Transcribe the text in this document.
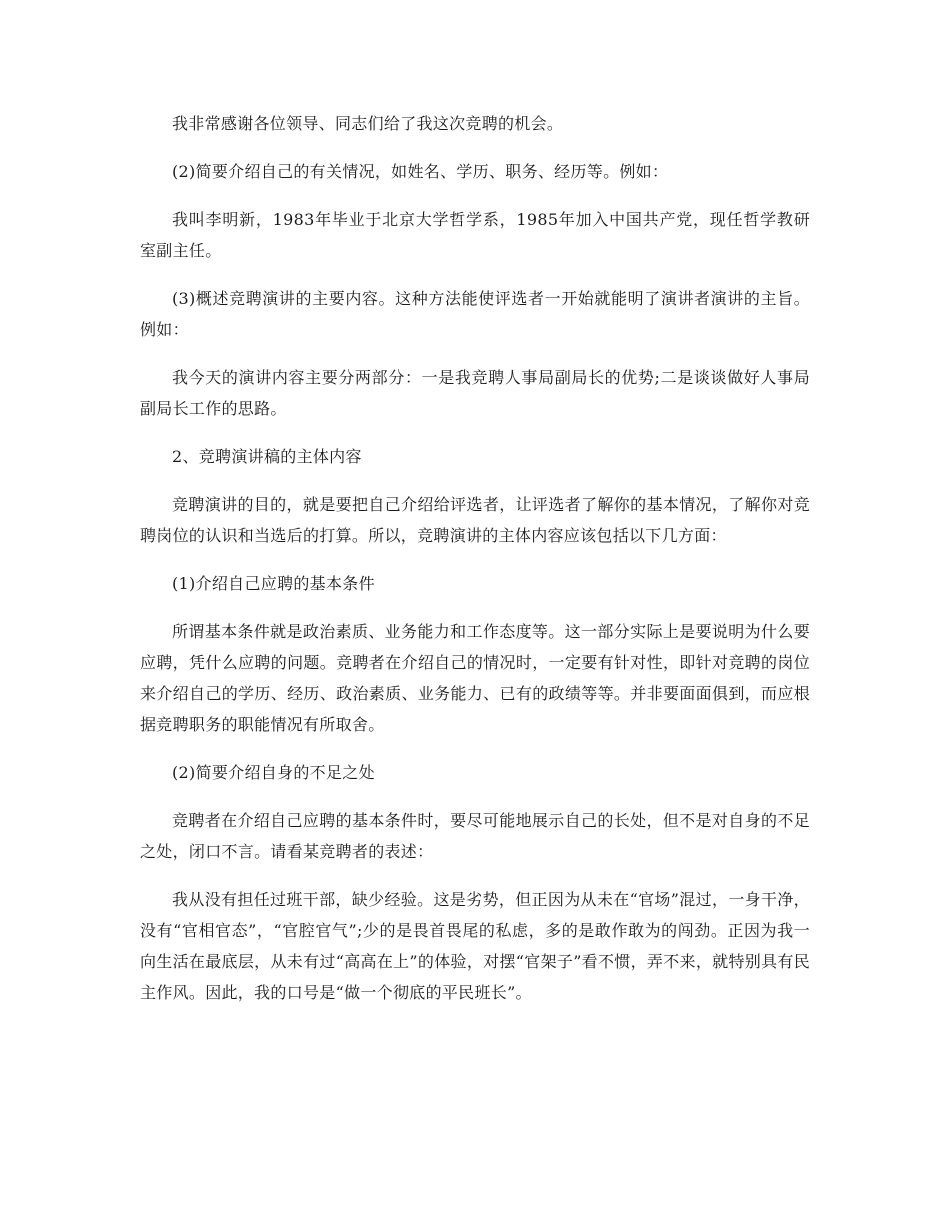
我非常感谢各位领导、同志们给了我这次竞聘的机会。

(2)简要介绍自己的有关情况，如姓名、学历、职务、经历等。例如：

我叫李明新，1983年毕业于北京大学哲学系，1985年加入中国共产党，现任哲学教研室副主任。

(3)概述竞聘演讲的主要内容。这种方法能使评选者一开始就能明了演讲者演讲的主旨。例如：

我今天的演讲内容主要分两部分：一是我竞聘人事局副局长的优势;二是谈谈做好人事局副局长工作的思路。

2、竞聘演讲稿的主体内容

竞聘演讲的目的，就是要把自己介绍给评选者，让评选者了解你的基本情况，了解你对竞聘岗位的认识和当选后的打算。所以，竞聘演讲的主体内容应该包括以下几方面：

(1)介绍自己应聘的基本条件

所谓基本条件就是政治素质、业务能力和工作态度等。这一部分实际上是要说明为什么要应聘，凭什么应聘的问题。竞聘者在介绍自己的情况时，一定要有针对性，即针对竞聘的岗位来介绍自己的学历、经历、政治素质、业务能力、已有的政绩等等。并非要面面俱到，而应根据竞聘职务的职能情况有所取舍。

(2)简要介绍自身的不足之处

竞聘者在介绍自己应聘的基本条件时，要尽可能地展示自己的长处，但不是对自身的不足之处，闭口不言。请看某竞聘者的表述：

我从没有担任过班干部，缺少经验。这是劣势，但正因为从未在“官场”混过，一身干净，没有“官相官态”，“官腔官气”;少的是畏首畏尾的私虑，多的是敢作敢为的闯劲。正因为我一向生活在最底层，从未有过“高高在上”的体验，对摆“官架子”看不惯，弄不来，就特别具有民主作风。因此，我的口号是“做一个彻底的平民班长”。
